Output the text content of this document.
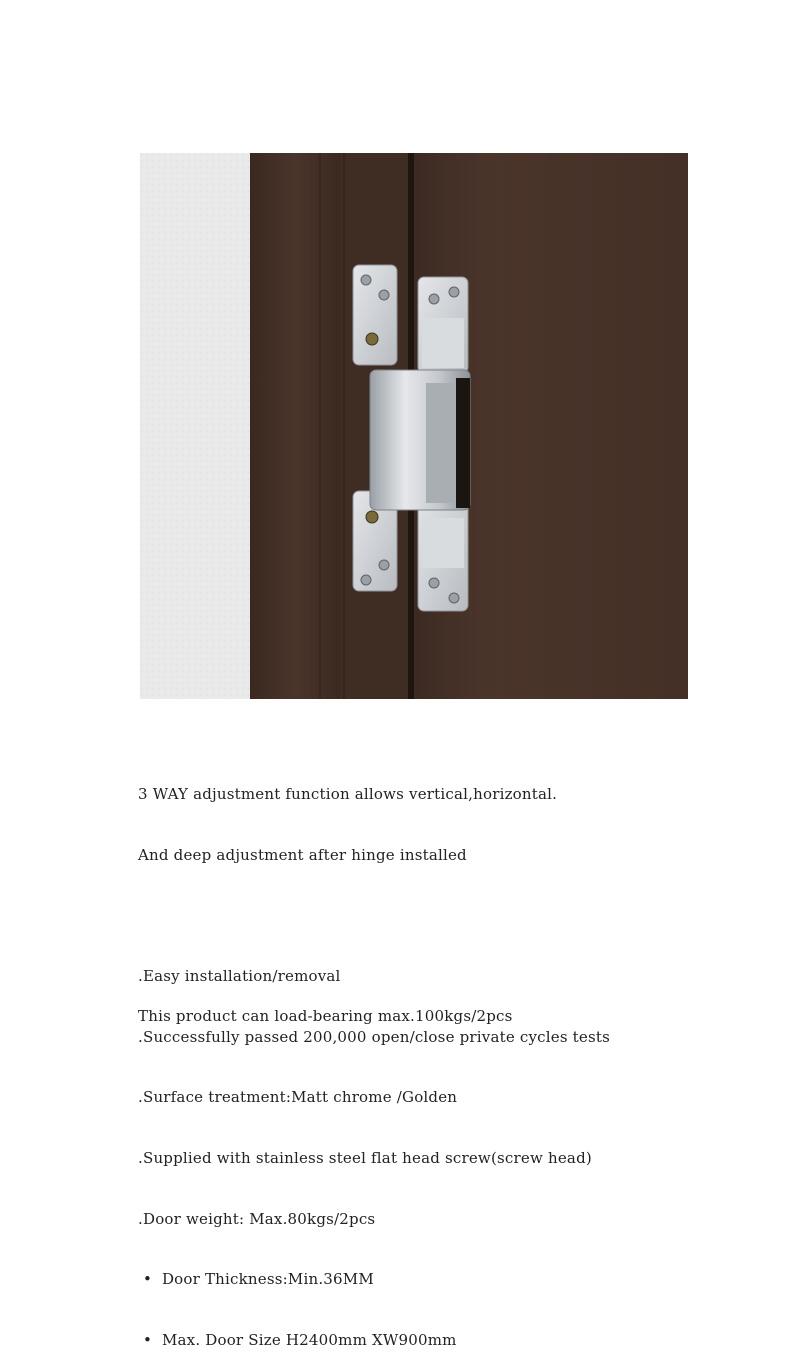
3 WAY adjustment function allows vertical,horizontal.

And deep adjustment after hinge installed

.Easy installation/removal

.Successfully passed 200,000 open/close private cycles tests

.Surface treatment:Matt chrome /Golden

.Supplied with stainless steel flat head screw(screw head)

.Door weight: Max.80kgs/2pcs

•  Door Thickness:Min.36MM

•  Max. Door Size H2400mm XW900mm

This product can load-bearing max.100kgs/2pcs
